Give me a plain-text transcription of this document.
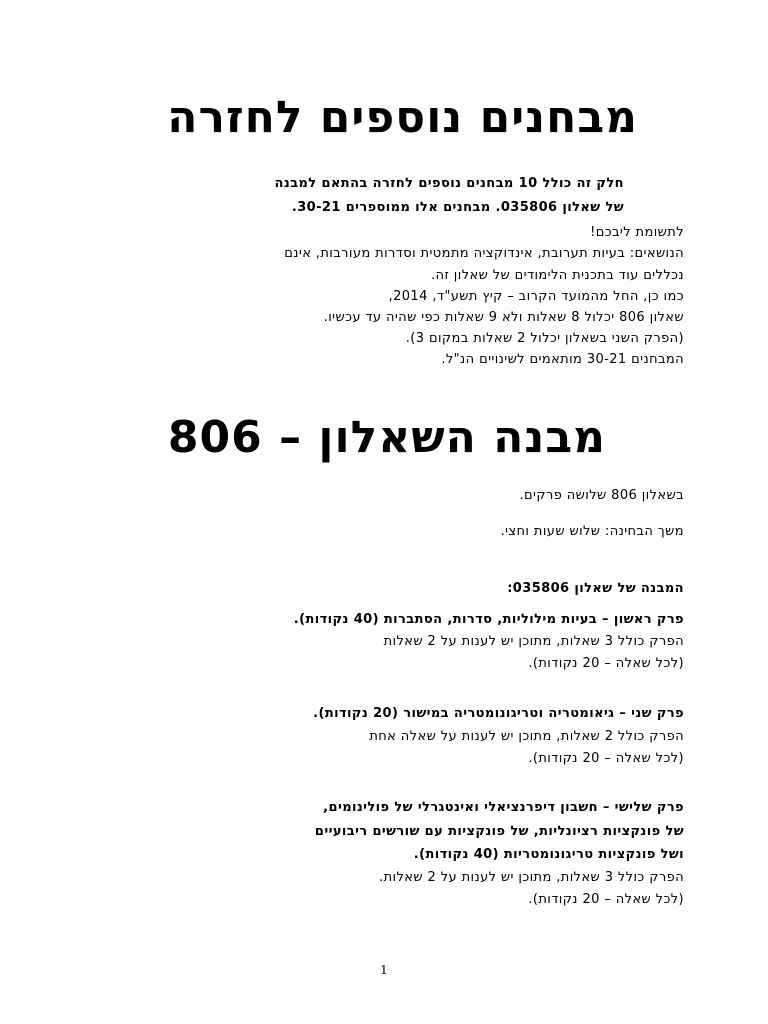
מבחנים נוספים לחזרה

חלק זה כולל 10 מבחנים נוספים לחזרה בהתאם למבנה

של שאלון 035806. מבחנים אלו ממוספרים 30-21.

לתשומת ליבכם!

הנושאים: בעיות תערובת, אינדוקציה מתמטית וסדרות מעורבות, אינם

נכללים עוד בתכנית הלימודים של שאלון זה.

כמו כן, החל מהמועד הקרוב – קיץ תשע"ד, 2014,

שאלון 806 יכלול 8 שאלות ולא 9 שאלות כפי שהיה עד עכשיו.

(הפרק השני בשאלון יכלול 2 שאלות במקום 3).

המבחנים 30-21 מותאמים לשינויים הנ"ל.

מבנה השאלון – 806

בשאלון 806 שלושה פרקים.

משך הבחינה: שלוש שעות וחצי.

המבנה של שאלון 035806:

פרק ראשון – בעיות מילוליות, סדרות, הסתברות (40 נקודות).

הפרק כולל 3 שאלות, מתוכן יש לענות על 2 שאלות

(לכל שאלה – 20 נקודות).

פרק שני – גיאומטריה וטריגונומטריה במישור (20 נקודות).

הפרק כולל 2 שאלות, מתוכן יש לענות על שאלה אחת

(לכל שאלה – 20 נקודות).

פרק שלישי – חשבון דיפרנציאלי ואינטגרלי של פולינומים,

של פונקציות רציונליות, של פונקציות עם שורשים ריבועיים

ושל פונקציות טריגונומטריות (40 נקודות).

הפרק כולל 3 שאלות, מתוכן יש לענות על 2 שאלות.

(לכל שאלה – 20 נקודות).

1
